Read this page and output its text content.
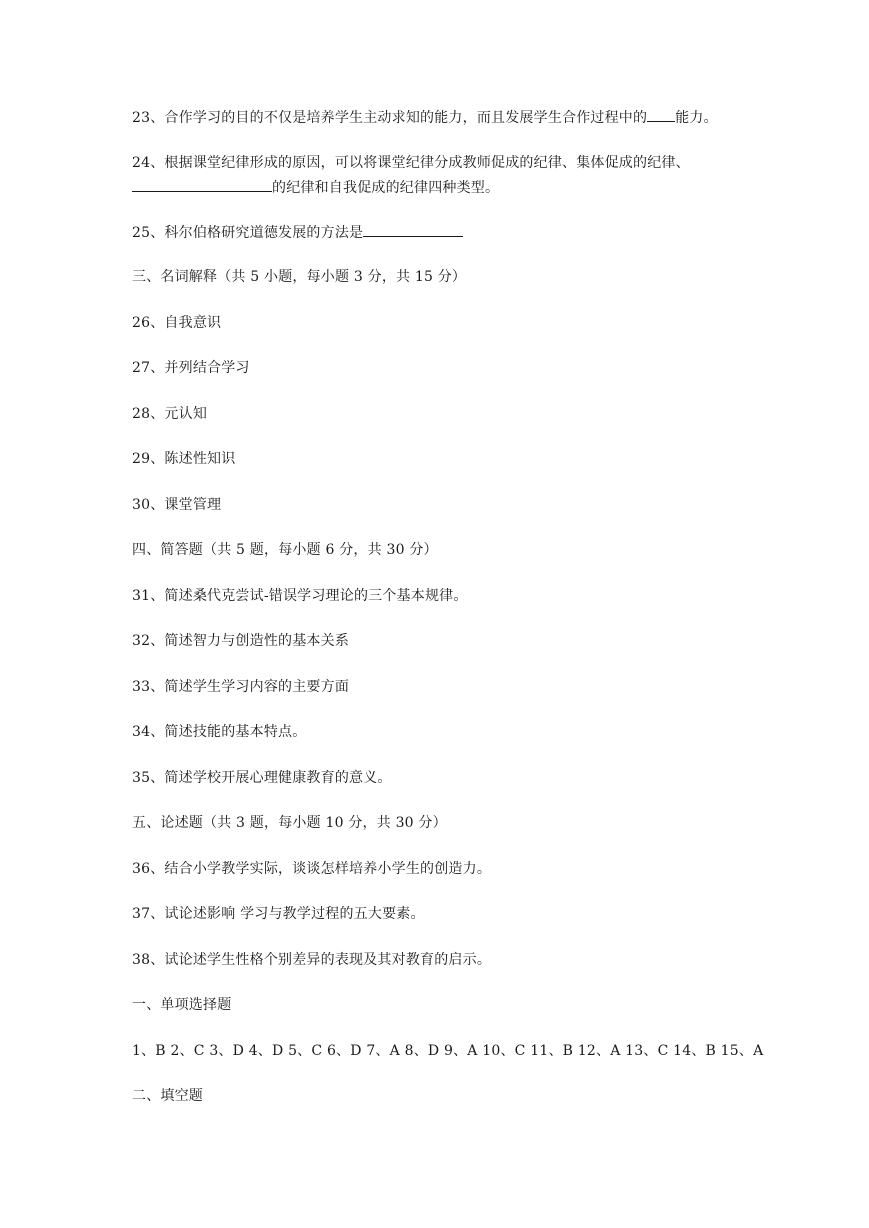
23、合作学习的目的不仅是培养学生主动求知的能力，而且发展学生合作过程中的 能力。
24、根据课堂纪律形成的原因，可以将课堂纪律分成教师促成的纪律、集体促成的纪律、
的纪律和自我促成的纪律四种类型。
25、科尔伯格研究道德发展的方法是
三、名词解释（共 5 小题，每小题 3 分，共 15 分）
26、自我意识
27、并列结合学习
28、元认知
29、陈述性知识
30、课堂管理
四、简答题（共 5 题，每小题 6 分，共 30 分）
31、简述桑代克尝试-错误学习理论的三个基本规律。
32、简述智力与创造性的基本关系
33、简述学生学习内容的主要方面
34、简述技能的基本特点。
35、简述学校开展心理健康教育的意义。
五、论述题（共 3 题，每小题 10 分，共 30 分）
36、结合小学教学实际，谈谈怎样培养小学生的创造力。
37、试论述影响 学习与教学过程的五大要素。
38、试论述学生性格个别差异的表现及其对教育的启示。
一、单项选择题
1、B 2、C 3、D 4、D 5、C 6、D 7、A 8、D 9、A 10、C 11、B 12、A 13、C 14、B 15、A
二、填空题
